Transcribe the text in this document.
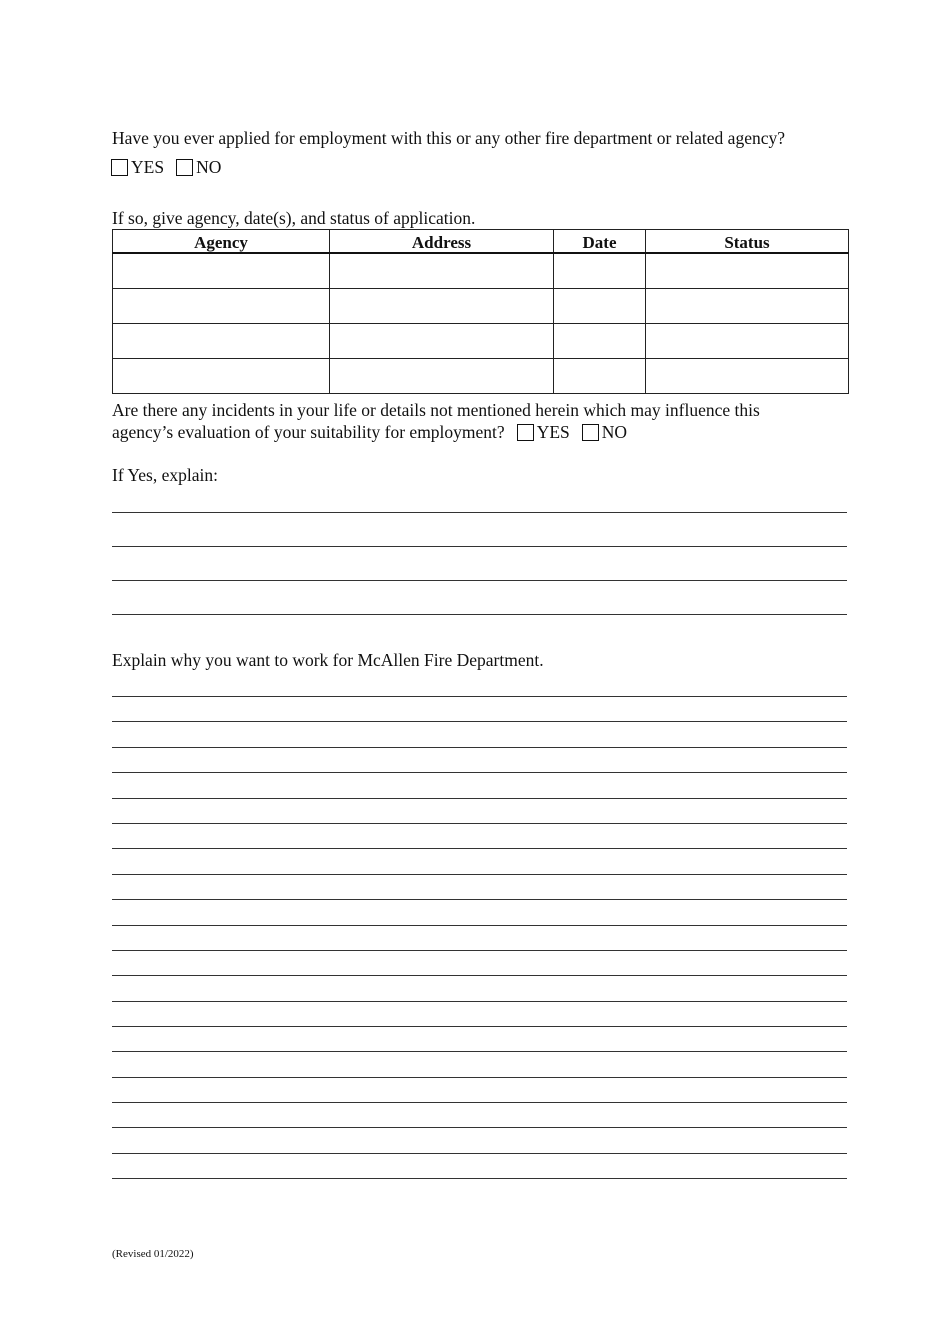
Have you ever applied for employment with this or any other fire department or related agency?
YES NO
If so, give agency, date(s), and status of application.
Agency	Address	Date	Status

Are there any incidents in your life or details not mentioned herein which may influence this
agency’s evaluation of your suitability for employment? YES NO
If Yes, explain:
Explain why you want to work for McAllen Fire Department.
(Revised 01/2022)
